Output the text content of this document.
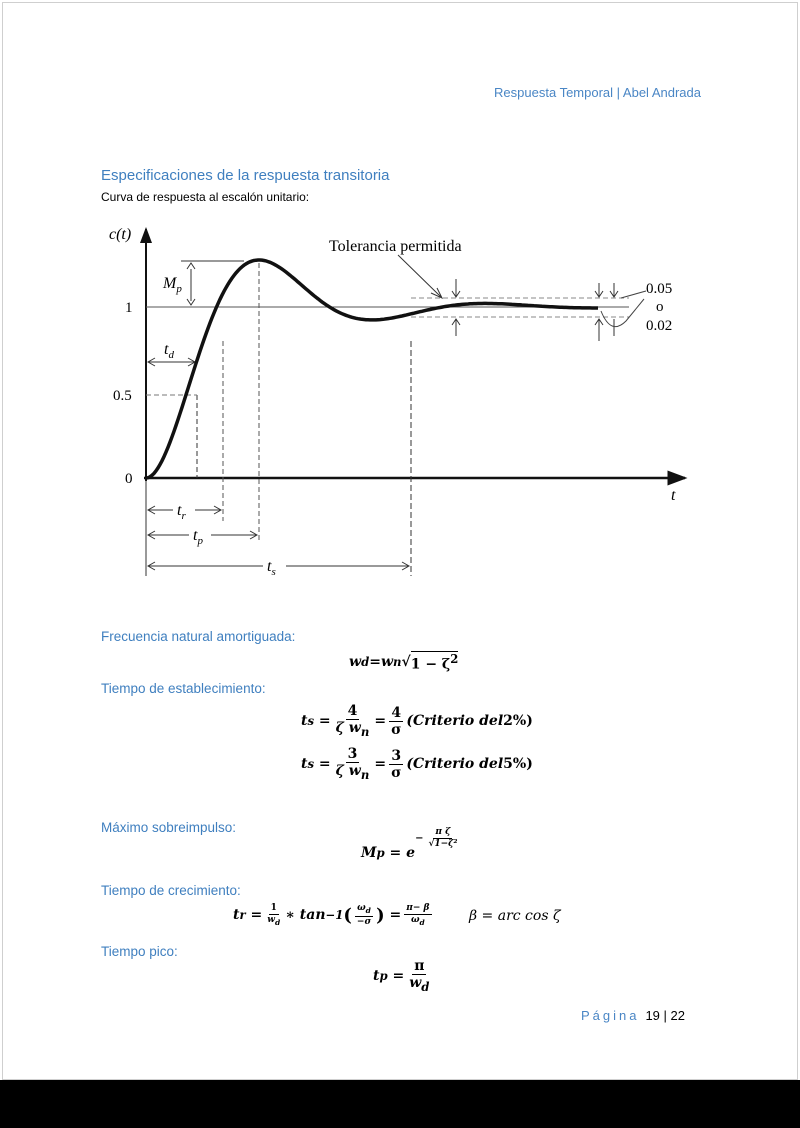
Respuesta Temporal | Abel Andrada
Especificaciones de la respuesta transitoria
Curva de respuesta al escalón unitario:
c(t)
t
0
0.5
1
Tolerancia permitida
0.05
o
0.02
$M_p$
$t_d$
$t_r$
$t_p$
$t_s$
Frecuencia natural amortiguada:
w d = w n √ $1 - \zeta^2$
Tiempo de establecimiento:
t $s = \frac{4}{\zeta w_n} = \frac{4}{\sigma}$ (Criterio del 2%)
t $s = \frac{3}{\zeta w_n} = \frac{3}{\sigma}$ (Criterio del 5%)
Máximo sobreimpulso:
M p = e
− $\frac{\text{π ζ}}{\text{√1−ζ²}}$
Tiempo de crecimiento:
t $r = \frac{1}{w_d}$ ∗ tan −1 ( $\frac{\omega_d}{-\sigma}$ ) = $\frac{\pi- \beta}{\omega_d}$	β = arc cos ζ
Tiempo pico:
t $p = \frac{\pi}{w_d}$
Página 19 | 22
